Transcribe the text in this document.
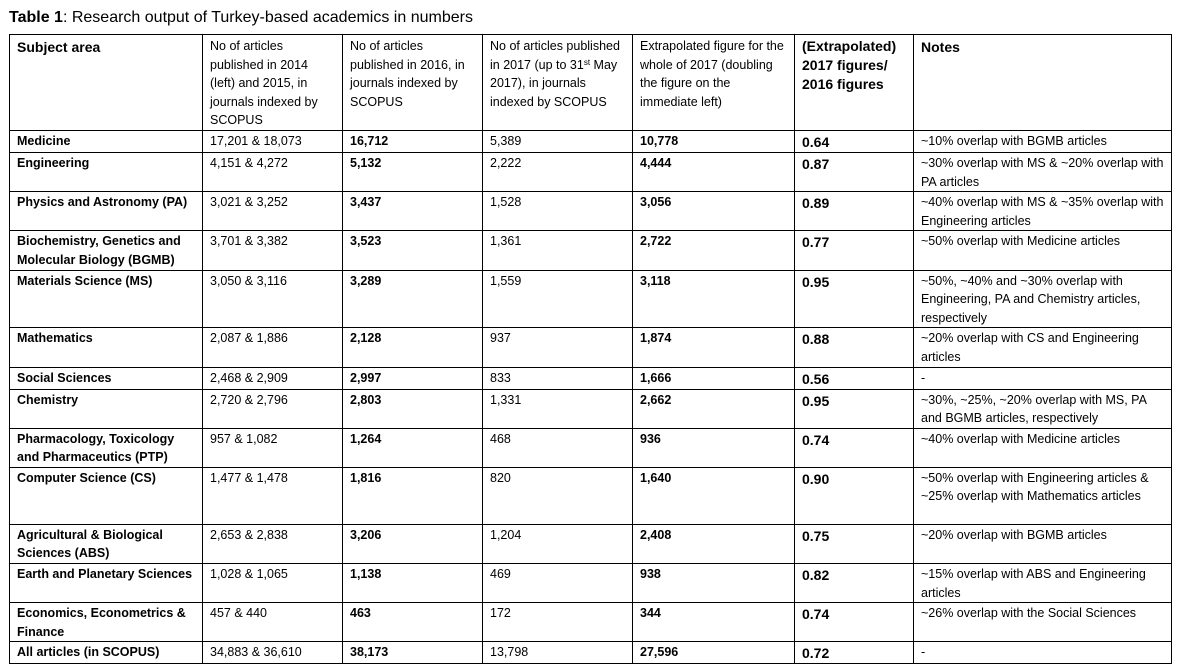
Table 1: Research output of Turkey-based academics in numbers
Subject area	No of articles published in 2014 (left) and 2015, in journals indexed by SCOPUS	No of articles published in 2016, in journals indexed by SCOPUS	No of articles published in 2017 (up to 31st May 2017), in journals indexed by SCOPUS	Extrapolated figure for the whole of 2017 (doubling the figure on the immediate left)	(Extrapolated) 2017 figures/ 2016 figures	Notes
Medicine	17,201 & 18,073	16,712	5,389	10,778	0.64	~10% overlap with BGMB articles
Engineering	4,151 & 4,272	5,132	2,222	4,444	0.87	~30% overlap with MS & ~20% overlap with PA articles
Physics and Astronomy (PA)	3,021 & 3,252	3,437	1,528	3,056	0.89	~40% overlap with MS & ~35% overlap with Engineering articles
Biochemistry, Genetics and Molecular Biology (BGMB)	3,701 & 3,382	3,523	1,361	2,722	0.77	~50% overlap with Medicine articles
Materials Science (MS)	3,050 & 3,116	3,289	1,559	3,118	0.95	~50%, ~40% and ~30% overlap with Engineering, PA and Chemistry articles, respectively
Mathematics	2,087 & 1,886	2,128	937	1,874	0.88	~20% overlap with CS and Engineering articles
Social Sciences	2,468 & 2,909	2,997	833	1,666	0.56	-
Chemistry	2,720 & 2,796	2,803	1,331	2,662	0.95	~30%, ~25%, ~20% overlap with MS, PA and BGMB articles, respectively
Pharmacology, Toxicology and Pharmaceutics (PTP)	957 & 1,082	1,264	468	936	0.74	~40% overlap with Medicine articles
Computer Science (CS)	1,477 & 1,478	1,816	820	1,640	0.90	~50% overlap with Engineering articles & ~25% overlap with Mathematics articles
Agricultural & Biological Sciences (ABS)	2,653 & 2,838	3,206	1,204	2,408	0.75	~20% overlap with BGMB articles
Earth and Planetary Sciences	1,028 & 1,065	1,138	469	938	0.82	~15% overlap with ABS and Engineering articles
Economics, Econometrics & Finance	457 & 440	463	172	344	0.74	~26% overlap with the Social Sciences
All articles (in SCOPUS)	34,883 & 36,610	38,173	13,798	27,596	0.72	-
